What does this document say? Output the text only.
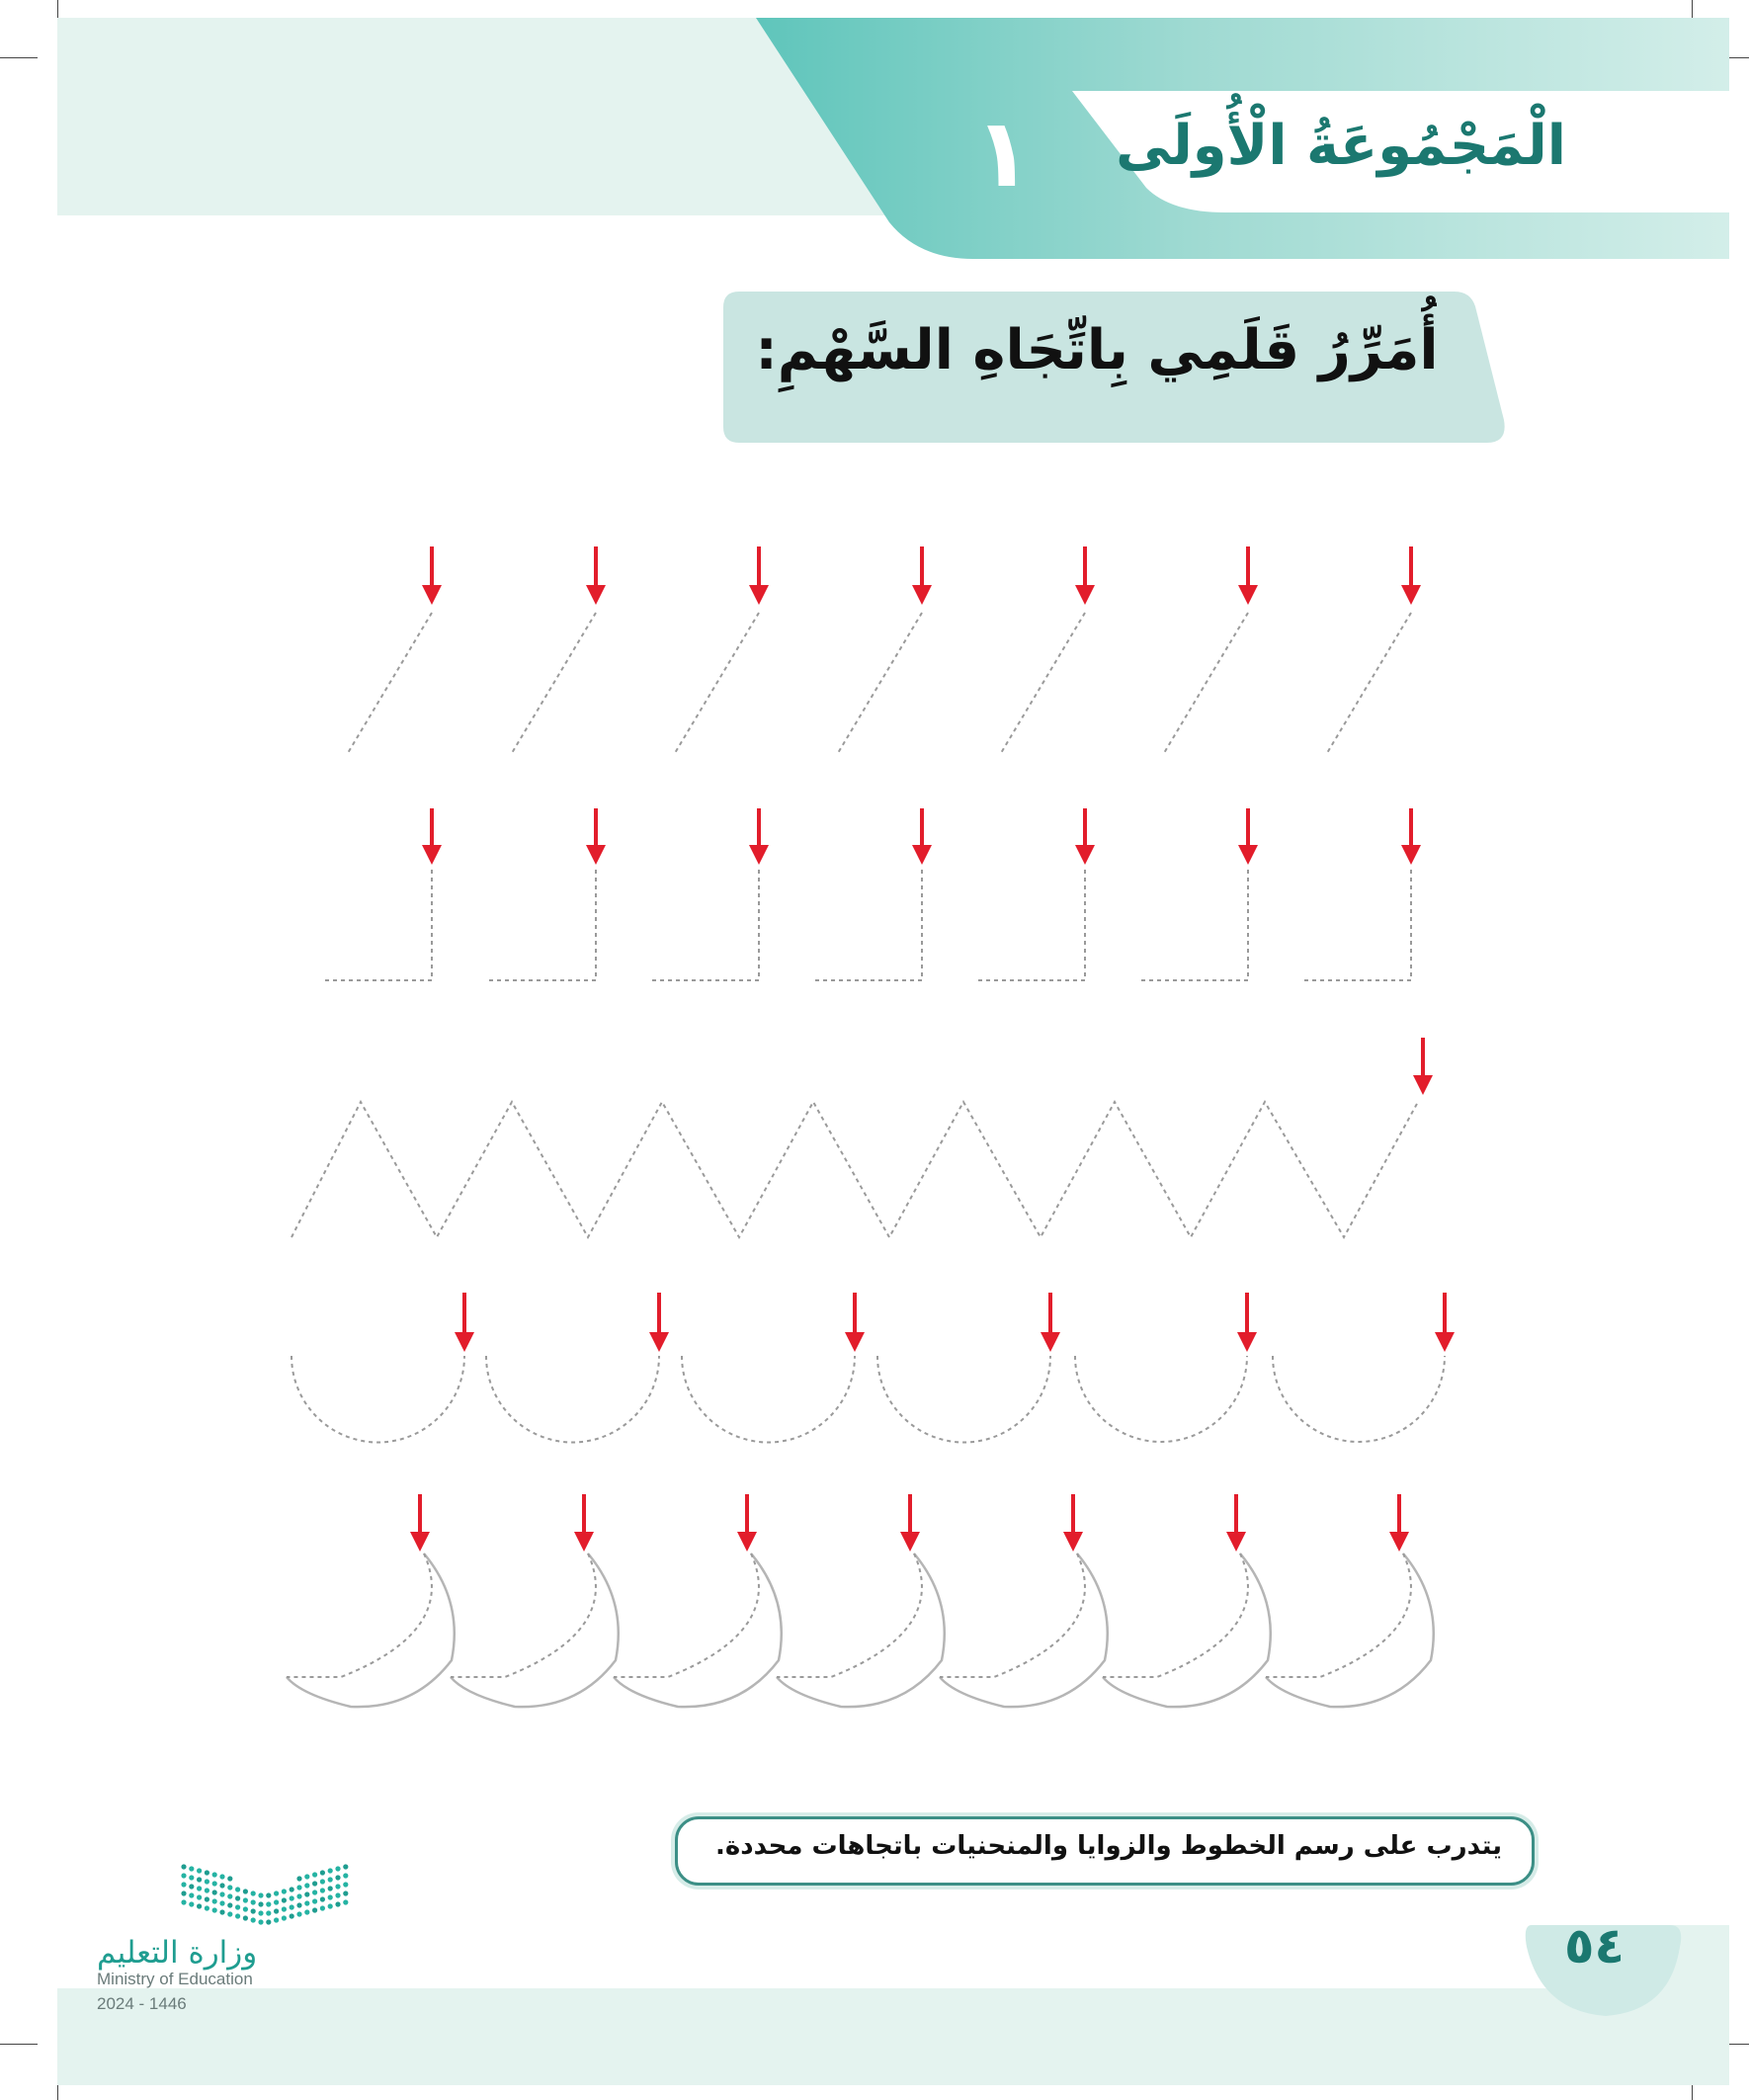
الْمَجْمُوعَةُ الْأُولَى
١
أُمَرِّرُ قَلَمِي بِاتِّجَاهِ السَّهْمِ:
يتدرب على رسم الخطوط والزوايا والمنحنيات باتجاهات محددة.
٥٤
وزارة التعليم
Ministry of Education
2024 - 1446
